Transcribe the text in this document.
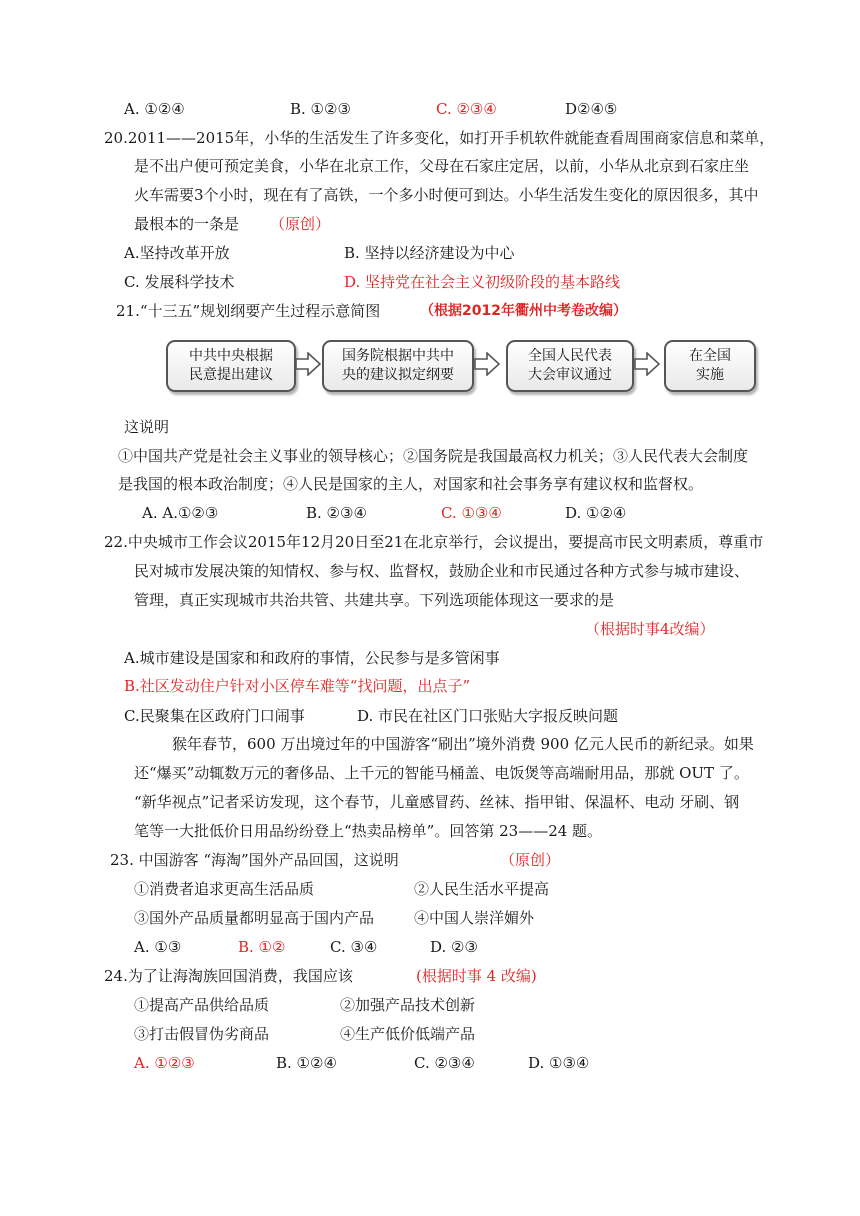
A. ①②④	B. ①②③	C. ②③④	D②④⑤
20.2011——2015年，小华的生活发生了许多变化，如打开手机软件就能查看周围商家信息和菜单，
是不出户便可预定美食，小华在北京工作，父母在石家庄定居，以前，小华从北京到石家庄坐
火车需要3个小时，现在有了高铁，一个多小时便可到达。小华生活发生变化的原因很多，其中
最根本的一条是 （原创）
A.坚持改革开放	B. 坚持以经济建设为中心
C. 发展科学技术	D. 坚持党在社会主义初级阶段的基本路线
21.“十三五”规划纲要产生过程示意简图	（根据2012年衢州中考卷改编）
中共中央根据
民意提出建议
国务院根据中共中
央的建议拟定纲要
全国人民代表
大会审议通过
在全国
实施
这说明
①中国共产党是社会主义事业的领导核心；②国务院是我国最高权力机关；③人民代表大会制度
是我国的根本政治制度；④人民是国家的主人，对国家和社会事务享有建议权和监督权。
A. A.①②③	B. ②③④	C. ①③④	D. ①②④
22.中央城市工作会议2015年12月20日至21在北京举行，会议提出，要提高市民文明素质，尊重市
民对城市发展决策的知情权、参与权、监督权，鼓励企业和市民通过各种方式参与城市建设、
管理，真正实现城市共治共管、共建共享。下列选项能体现这一要求的是
（根据时事4改编）
A.城市建设是国家和和政府的事情，公民参与是多管闲事
B.社区发动住户针对小区停车难等“找问题，出点子”
C.民聚集在区政府门口闹事	D. 市民在社区门口张贴大字报反映问题
猴年春节，600 万出境过年的中国游客“刷出”境外消费 900 亿元人民币的新纪录。如果
还“爆买”动辄数万元的奢侈品、上千元的智能马桶盖、电饭煲等高端耐用品，那就 OUT 了。
“新华视点”记者采访发现，这个春节，儿童感冒药、丝袜、指甲钳、保温杯、电动 牙刷、钢
笔等一大批低价日用品纷纷登上“热卖品榜单”。回答第 23——24 题。
23. 中国游客 “海淘”国外产品回国，这说明	（原创）
①消费者追求更高生活品质	②人民生活水平提高
③国外产品质量都明显高于国内产品	④中国人崇洋媚外
A. ①③	B. ①②	C. ③④	D. ②③
24.为了让海淘族回国消费，我国应该	(根据时事 4 改编)
①提高产品供给品质	②加强产品技术创新
③打击假冒伪劣商品	④生产低价低端产品
A. ①②③	B. ①②④	C. ②③④	D. ①③④
